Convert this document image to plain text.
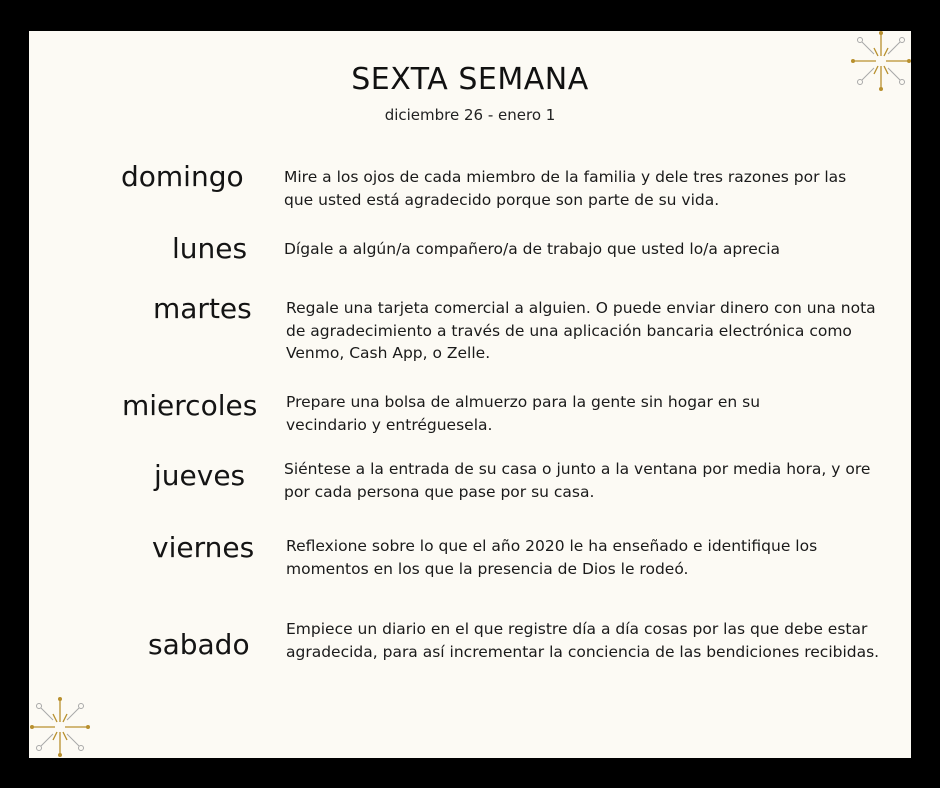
SEXTA SEMANA

diciembre 26 - enero 1

domingo	Mire a los ojos de cada miembro de la familia y dele tres razones por las que usted está agradecido porque son parte de su vida.

lunes Dígale a algún/a compañero/a de trabajo que usted lo/a aprecia

martes Regale una tarjeta comercial a alguien. O puede enviar dinero con una nota de agradecimiento a través de una aplicación bancaria electrónica como Venmo, Cash App, o Zelle.

miercoles Prepare una bolsa de almuerzo para la gente sin hogar en su vecindario y entréguesela.

jueves	Siéntese a la entrada de su casa o junto a la ventana por media hora, y ore por cada persona que pase por su casa.

viernes Reflexione sobre lo que el año 2020 le ha enseñado e identifique los momentos en los que la presencia de Dios le rodeó.

sabado Empiece un diario en el que registre día a día cosas por las que debe estar agradecida, para así incrementar la conciencia de las bendiciones recibidas.
